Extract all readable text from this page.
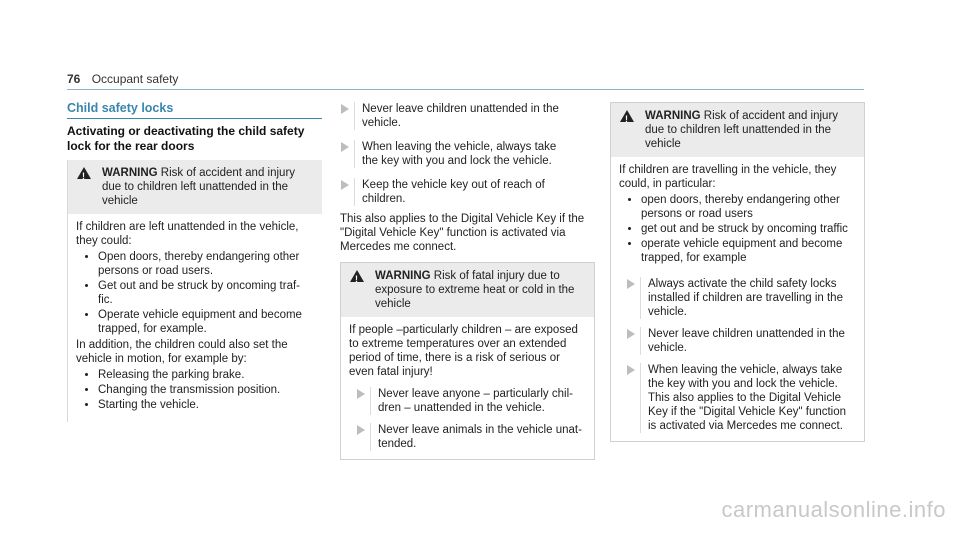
76 Occupant safety
Child safety locks
Activating or deactivating the child safety lock for the rear doors
!
WARNING Risk of accident and injury due to children left unattended in the vehicle

If children are left unattended in the vehicle, they could:

• Open doors, thereby endangering other persons or road users.
• Get out and be struck by oncoming traf-fic.
• Operate vehicle equipment and become trapped, for example.

In addition, the children could also set the vehicle in motion, for example by:

• Releasing the parking brake.
• Changing the transmission position.
• Starting the vehicle.
Never leave children unattended in the vehicle.
When leaving the vehicle, always take the key with you and lock the vehicle.
Keep the vehicle key out of reach of children.
This also applies to the Digital Vehicle Key if the "Digital Vehicle Key" function is activated via Mercedes me connect.
!
WARNING Risk of fatal injury due to exposure to extreme heat or cold in the vehicle

If people –particularly children – are exposed to extreme temperatures over an extended period of time, there is a risk of serious or even fatal injury!

Never leave anyone – particularly chil-dren – unattended in the vehicle.
Never leave animals in the vehicle unat-tended.
!
WARNING Risk of accident and injury due to children left unattended in the vehicle

If children are travelling in the vehicle, they could, in particular:

• open doors, thereby endangering other persons or road users
• get out and be struck by oncoming traffic
• operate vehicle equipment and become trapped, for example
Always activate the child safety locks installed if children are travelling in the vehicle.
Never leave children unattended in the vehicle.
When leaving the vehicle, always take the key with you and lock the vehicle. This also applies to the Digital Vehicle Key if the "Digital Vehicle Key" function is activated via Mercedes me connect.
carmanualsonline.info
